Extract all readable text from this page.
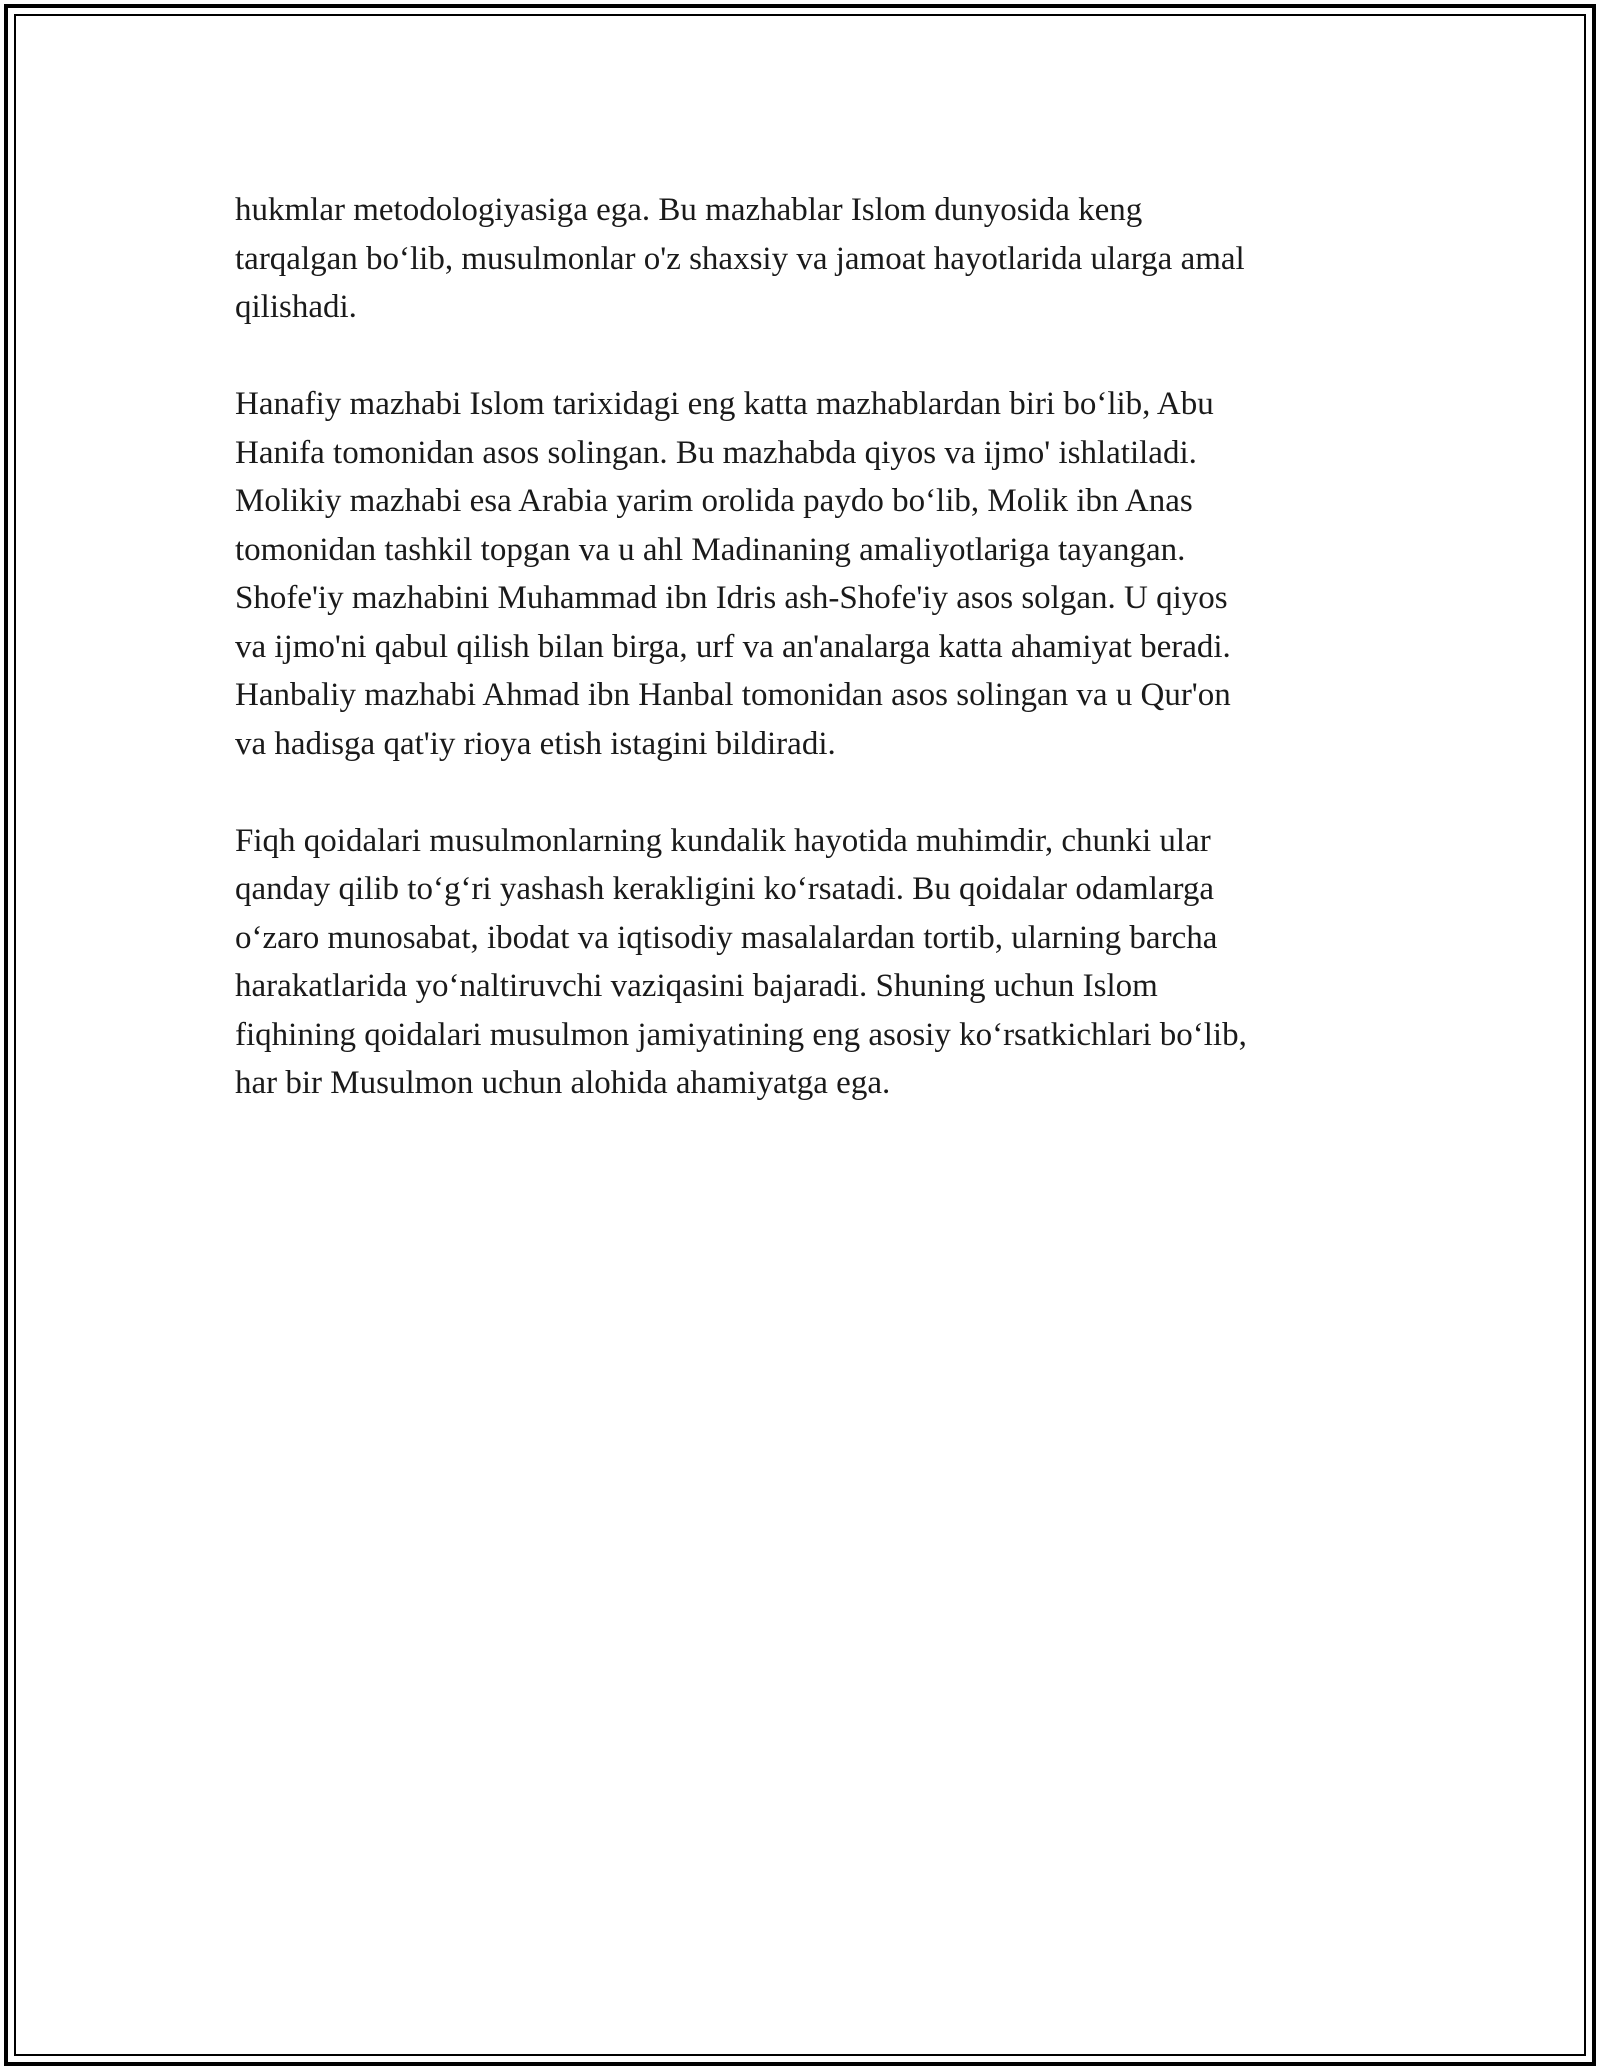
hukmlar metodologiyasiga ega. Bu mazhablar Islom dunyosida keng
tarqalgan bo‘lib, musulmonlar o'z shaxsiy va jamoat hayotlarida ularga amal
qilishadi.

Hanafiy mazhabi Islom tarixidagi eng katta mazhablardan biri bo‘lib, Abu
Hanifa tomonidan asos solingan. Bu mazhabda qiyos va ijmo' ishlatiladi.
Molikiy mazhabi esa Arabia yarim orolida paydo bo‘lib, Molik ibn Anas
tomonidan tashkil topgan va u ahl Madinaning amaliyotlariga tayangan.
Shofe'iy mazhabini Muhammad ibn Idris ash-Shofe'iy asos solgan. U qiyos
va ijmo'ni qabul qilish bilan birga, urf va an'analarga katta ahamiyat beradi.
Hanbaliy mazhabi Ahmad ibn Hanbal tomonidan asos solingan va u Qur'on
va hadisga qat'iy rioya etish istagini bildiradi.

Fiqh qoidalari musulmonlarning kundalik hayotida muhimdir, chunki ular
qanday qilib to‘g‘ri yashash kerakligini ko‘rsatadi. Bu qoidalar odamlarga
o‘zaro munosabat, ibodat va iqtisodiy masalalardan tortib, ularning barcha
harakatlarida yo‘naltiruvchi vaziqasini bajaradi. Shuning uchun Islom
fiqhining qoidalari musulmon jamiyatining eng asosiy ko‘rsatkichlari bo‘lib,
har bir Musulmon uchun alohida ahamiyatga ega.
